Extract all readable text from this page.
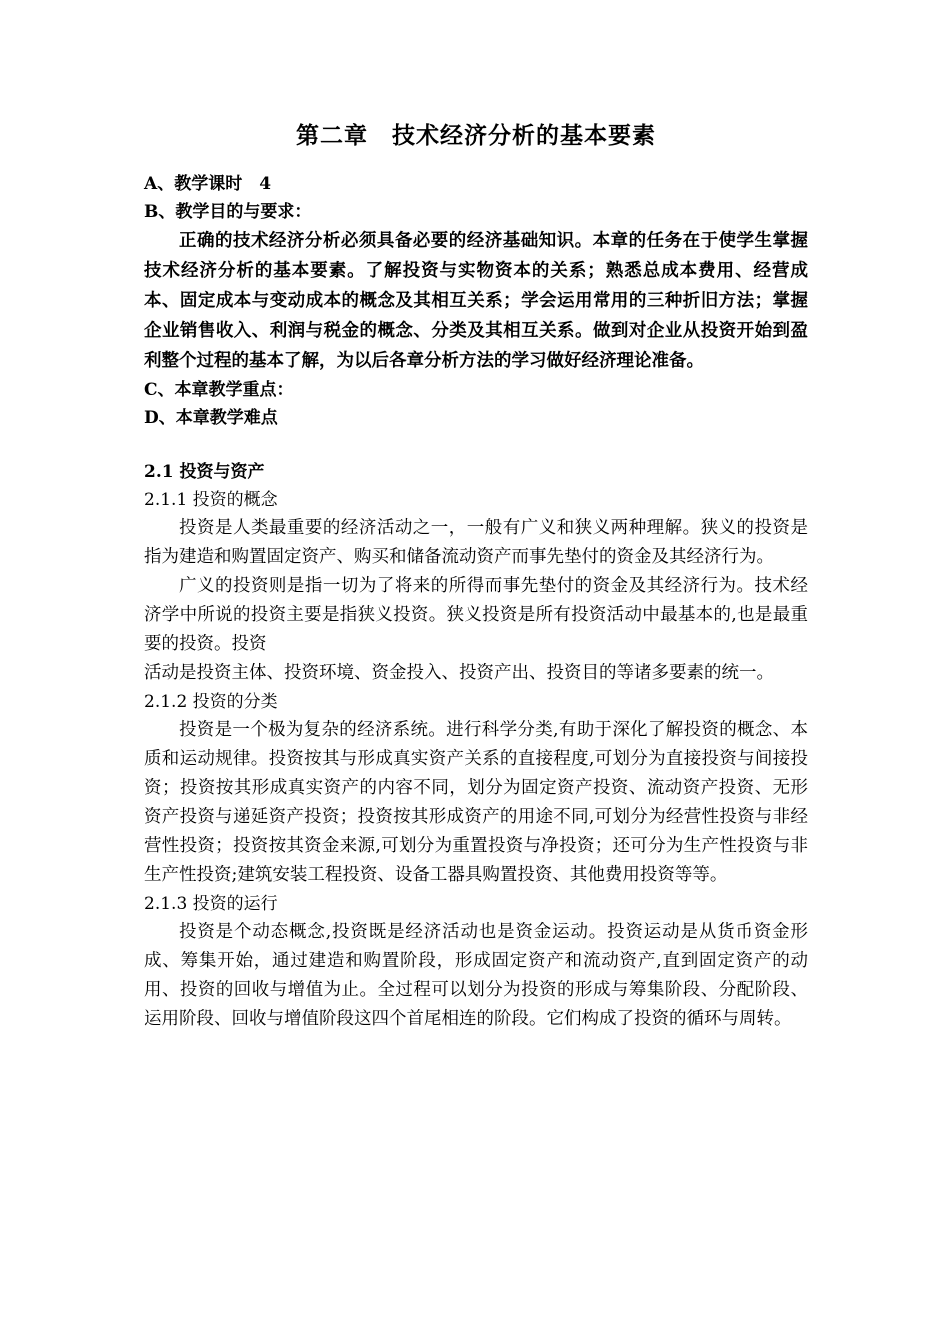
第二章　技术经济分析的基本要素

A、教学课时　4

B、教学目的与要求：

正确的技术经济分析必须具备必要的经济基础知识。本章的任务在于使学生掌握技术经济分析的基本要素。了解投资与实物资本的关系；熟悉总成本费用、经营成本、固定成本与变动成本的概念及其相互关系；学会运用常用的三种折旧方法；掌握企业销售收入、利润与税金的概念、分类及其相互关系。做到对企业从投资开始到盈利整个过程的基本了解，为以后各章分析方法的学习做好经济理论准备。

C、本章教学重点：

D、本章教学难点

2.1 投资与资产

2.1.1 投资的概念

投资是人类最重要的经济活动之一，一般有广义和狭义两种理解。狭义的投资是指为建造和购置固定资产、购买和储备流动资产而事先垫付的资金及其经济行为。

广义的投资则是指一切为了将来的所得而事先垫付的资金及其经济行为。技术经济学中所说的投资主要是指狭义投资。狭义投资是所有投资活动中最基本的,也是最重要的投资。投资

活动是投资主体、投资环境、资金投入、投资产出、投资目的等诸多要素的统一。

2.1.2 投资的分类

投资是一个极为复杂的经济系统。进行科学分类,有助于深化了解投资的概念、本质和运动规律。投资按其与形成真实资产关系的直接程度,可划分为直接投资与间接投资；投资按其形成真实资产的内容不同，划分为固定资产投资、流动资产投资、无形资产投资与递延资产投资；投资按其形成资产的用途不同,可划分为经营性投资与非经营性投资；投资按其资金来源,可划分为重置投资与净投资；还可分为生产性投资与非生产性投资;建筑安装工程投资、设备工器具购置投资、其他费用投资等等。

2.1.3 投资的运行

投资是个动态概念,投资既是经济活动也是资金运动。投资运动是从货币资金形成、筹集开始，通过建造和购置阶段，形成固定资产和流动资产,直到固定资产的动用、投资的回收与增值为止。全过程可以划分为投资的形成与筹集阶段、分配阶段、运用阶段、回收与增值阶段这四个首尾相连的阶段。它们构成了投资的循环与周转。
